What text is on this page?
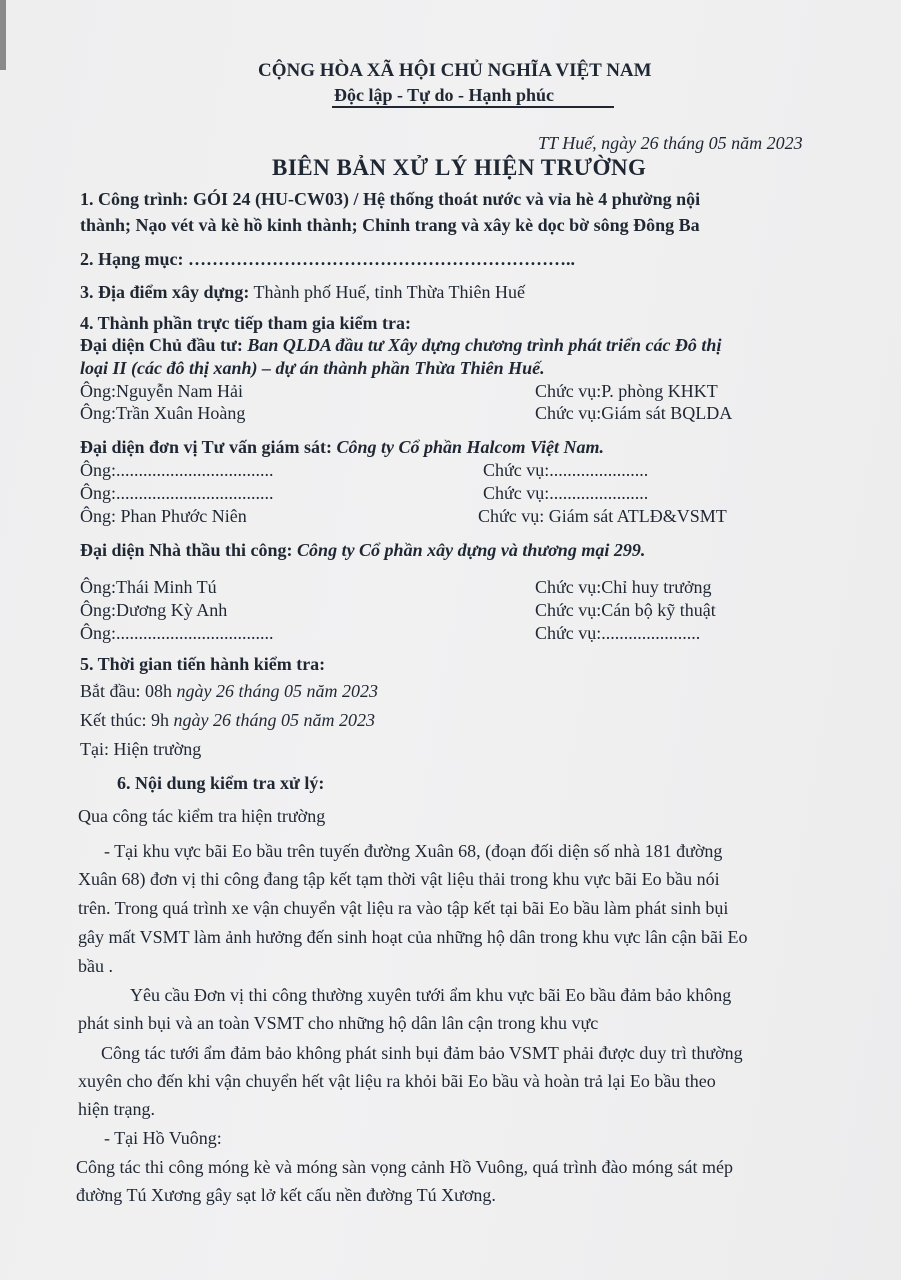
CỘNG HÒA XÃ HỘI CHỦ NGHĨA VIỆT NAM
Độc lập - Tự do - Hạnh phúc
TT Huế, ngày 26 tháng 05 năm 2023
BIÊN BẢN XỬ LÝ HIỆN TRƯỜNG
1. Công trình: GÓI 24 (HU-CW03) / Hệ thống thoát nước và vỉa hè 4 phường nội
thành; Nạo vét và kè hồ kinh thành; Chỉnh trang và xây kè dọc bờ sông Đông Ba
2. Hạng mục: ………………………………………………………..
3. Địa điểm xây dựng: Thành phố Huế, tỉnh Thừa Thiên Huế
4. Thành phần trực tiếp tham gia kiểm tra:
Đại diện Chủ đầu tư: Ban QLDA đầu tư Xây dựng chương trình phát triển các Đô thị
loại II (các đô thị xanh) – dự án thành phần Thừa Thiên Huế.
Ông:Nguyễn Nam Hải	Chức vụ:P. phòng KHKT
Ông:Trần Xuân Hoàng	Chức vụ:Giám sát BQLDA
Đại diện đơn vị Tư vấn giám sát: Công ty Cổ phần Halcom Việt Nam.
Ông:...................................	Chức vụ:......................
Ông:...................................	Chức vụ:......................
Ông: Phan Phước Niên	Chức vụ: Giám sát ATLĐ&VSMT
Đại diện Nhà thầu thi công: Công ty Cổ phần xây dựng và thương mại 299.
Ông:Thái Minh Tú	Chức vụ:Chỉ huy trưởng
Ông:Dương Kỳ Anh	Chức vụ:Cán bộ kỹ thuật
Ông:...................................	Chức vụ:......................
5. Thời gian tiến hành kiểm tra:
Bắt đầu: 08h ngày 26 tháng 05 năm 2023
Kết thúc: 9h ngày 26 tháng 05 năm 2023
Tại: Hiện trường
6. Nội dung kiểm tra xử lý:
Qua công tác kiểm tra hiện trường
- Tại khu vực bãi Eo bầu trên tuyến đường Xuân 68, (đoạn đối diện số nhà 181 đường
Xuân 68) đơn vị thi công đang tập kết tạm thời vật liệu thải trong khu vực bãi Eo bầu nói
trên. Trong quá trình xe vận chuyển vật liệu ra vào tập kết tại bãi Eo bầu làm phát sinh bụi
gây mất VSMT làm ảnh hưởng đến sinh hoạt của những hộ dân trong khu vực lân cận bãi Eo
bầu .
Yêu cầu Đơn vị thi công thường xuyên tưới ẩm khu vực bãi Eo bầu đảm bảo không
phát sinh bụi và an toàn VSMT cho những hộ dân lân cận trong khu vực
Công tác tưới ẩm đảm bảo không phát sinh bụi đảm bảo VSMT phải được duy trì thường
xuyên cho đến khi vận chuyển hết vật liệu ra khỏi bãi Eo bầu và hoàn trả lại Eo bầu theo
hiện trạng.
- Tại Hồ Vuông:
Công tác thi công móng kè và móng sàn vọng cảnh Hồ Vuông, quá trình đào móng sát mép
đường Tú Xương gây sạt lở kết cấu nền đường Tú Xương.
